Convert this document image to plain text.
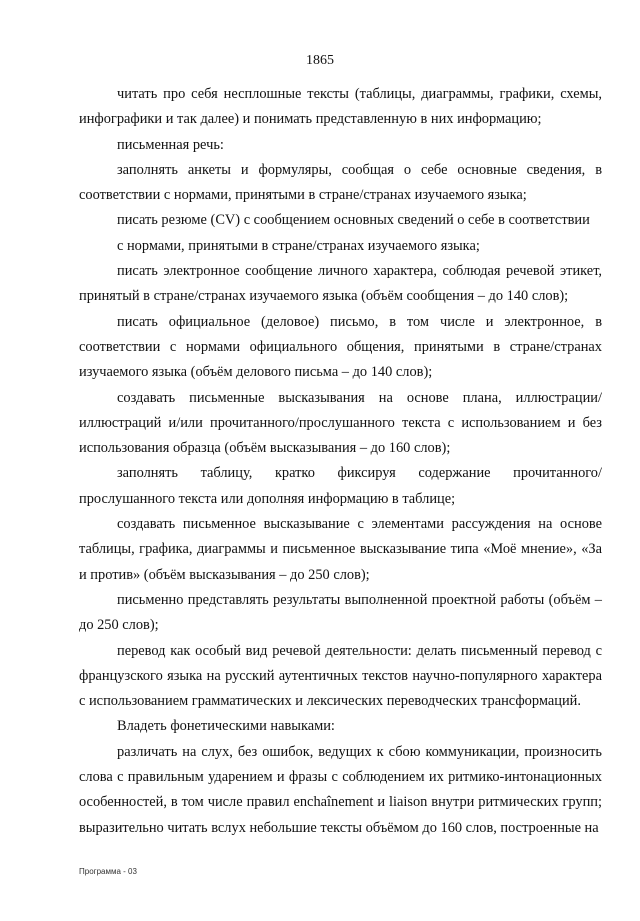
1865

читать про себя несплошные тексты (таблицы, диаграммы, графики, схемы, инфографики и так далее) и понимать представленную в них информацию;

письменная речь:

заполнять анкеты и формуляры, сообщая о себе основные сведения, в соответствии с нормами, принятыми в стране/странах изучаемого языка;

писать резюме (CV) с сообщением основных сведений о себе в соответствии

с нормами, принятыми в стране/странах изучаемого языка;

писать электронное сообщение личного характера, соблюдая речевой этикет, принятый в стране/странах изучаемого языка (объём сообщения – до 140 слов);

писать официальное (деловое) письмо, в том числе и электронное, в соответствии с нормами официального общения, принятыми в стране/странах изучаемого языка (объём делового письма – до 140 слов);

создавать письменные высказывания на основе плана, иллюстрации/иллюстраций и/или прочитанного/прослушанного текста с использованием и без использования образца (объём высказывания – до 160 слов);

заполнять таблицу, кратко фиксируя содержание прочитанного/ прослушанного текста или дополняя информацию в таблице;

создавать письменное высказывание с элементами рассуждения на основе таблицы, графика, диаграммы и письменное высказывание типа «Моё мнение», «За и против» (объём высказывания – до 250 слов);

письменно представлять результаты выполненной проектной работы (объём – до 250 слов);

перевод как особый вид речевой деятельности: делать письменный перевод с французского языка на русский аутентичных текстов научно-популярного характера с использованием грамматических и лексических переводческих трансформаций.

Владеть фонетическими навыками:

различать на слух, без ошибок, ведущих к сбою коммуникации, произносить слова с правильным ударением и фразы с соблюдением их ритмико-интонационных особенностей, в том числе правил enchaînement и liaison внутри ритмических групп; выразительно читать вслух небольшие тексты объёмом до 160 слов, построенные на

Программа - 03
